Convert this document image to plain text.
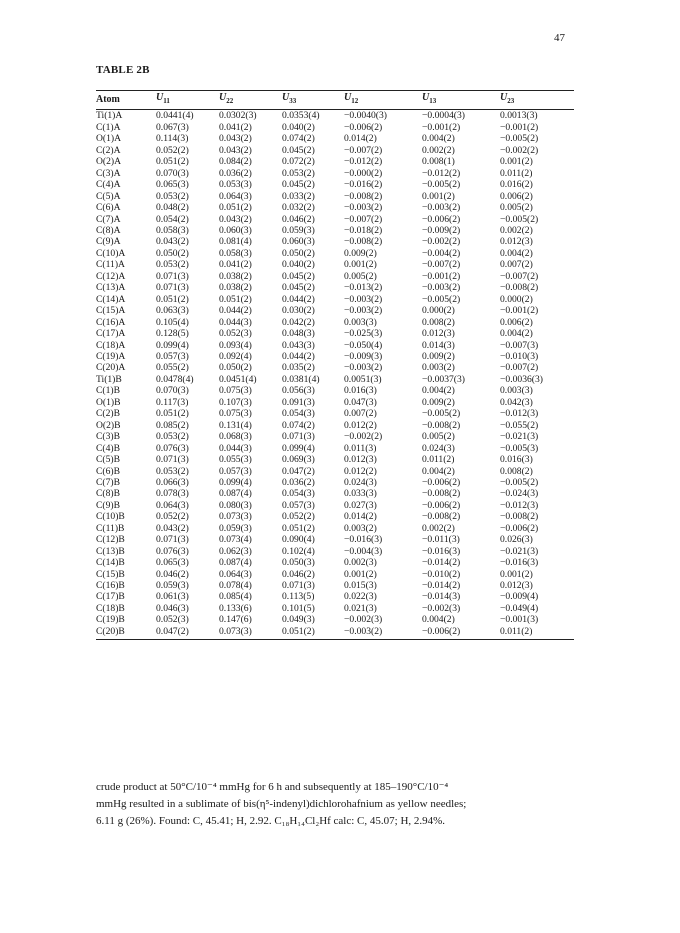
47
TABLE 2B
Atom	$U_{11}$	$U_{22}$	$U_{33}$	$U_{12}$	$U_{13}$	$U_{23}$
Ti(1)A	0.0441(4)	0.0302(3)	0.0353(4)	−0.0040(3)	−0.0004(3)	0.0013(3)
C(1)A	0.067(3)	0.041(2)	0.040(2)	−0.006(2)	−0.001(2)	−0.001(2)
O(1)A	0.114(3)	0.043(2)	0.074(2)	0.014(2)	0.004(2)	−0.005(2)
C(2)A	0.052(2)	0.043(2)	0.045(2)	−0.007(2)	0.002(2)	−0.002(2)
O(2)A	0.051(2)	0.084(2)	0.072(2)	−0.012(2)	0.008(1)	0.001(2)
C(3)A	0.070(3)	0.036(2)	0.053(2)	−0.000(2)	−0.012(2)	0.011(2)
C(4)A	0.065(3)	0.053(3)	0.045(2)	−0.016(2)	−0.005(2)	0.016(2)
C(5)A	0.053(2)	0.064(3)	0.033(2)	−0.008(2)	0.001(2)	0.006(2)
C(6)A	0.048(2)	0.051(2)	0.032(2)	−0.003(2)	−0.003(2)	0.005(2)
C(7)A	0.054(2)	0.043(2)	0.046(2)	−0.007(2)	−0.006(2)	−0.005(2)
C(8)A	0.058(3)	0.060(3)	0.059(3)	−0.018(2)	−0.009(2)	0.002(2)
C(9)A	0.043(2)	0.081(4)	0.060(3)	−0.008(2)	−0.002(2)	0.012(3)
C(10)A	0.050(2)	0.058(3)	0.050(2)	0.009(2)	−0.004(2)	0.004(2)
C(11)A	0.053(2)	0.041(2)	0.040(2)	0.001(2)	−0.007(2)	0.007(2)
C(12)A	0.071(3)	0.038(2)	0.045(2)	0.005(2)	−0.001(2)	−0.007(2)
C(13)A	0.071(3)	0.038(2)	0.045(2)	−0.013(2)	−0.003(2)	−0.008(2)
C(14)A	0.051(2)	0.051(2)	0.044(2)	−0.003(2)	−0.005(2)	0.000(2)
C(15)A	0.063(3)	0.044(2)	0.030(2)	−0.003(2)	0.000(2)	−0.001(2)
C(16)A	0.105(4)	0.044(3)	0.042(2)	0.003(3)	0.008(2)	0.006(2)
C(17)A	0.128(5)	0.052(3)	0.048(3)	−0.025(3)	0.012(3)	0.004(2)
C(18)A	0.099(4)	0.093(4)	0.043(3)	−0.050(4)	0.014(3)	−0.007(3)
C(19)A	0.057(3)	0.092(4)	0.044(2)	−0.009(3)	0.009(2)	−0.010(3)
C(20)A	0.055(2)	0.050(2)	0.035(2)	−0.003(2)	0.003(2)	−0.007(2)
Ti(1)B	0.0478(4)	0.0451(4)	0.0381(4)	0.0051(3)	−0.0037(3)	−0.0036(3)
C(1)B	0.070(3)	0.075(3)	0.056(3)	0.016(3)	0.004(2)	0.003(3)
O(1)B	0.117(3)	0.107(3)	0.091(3)	0.047(3)	0.009(2)	0.042(3)
C(2)B	0.051(2)	0.075(3)	0.054(3)	0.007(2)	−0.005(2)	−0.012(3)
O(2)B	0.085(2)	0.131(4)	0.074(2)	0.012(2)	−0.008(2)	−0.055(2)
C(3)B	0.053(2)	0.068(3)	0.071(3)	−0.002(2)	0.005(2)	−0.021(3)
C(4)B	0.076(3)	0.044(3)	0.099(4)	0.011(3)	0.024(3)	−0.005(3)
C(5)B	0.071(3)	0.055(3)	0.069(3)	0.012(3)	0.011(2)	0.016(3)
C(6)B	0.053(2)	0.057(3)	0.047(2)	0.012(2)	0.004(2)	0.008(2)
C(7)B	0.066(3)	0.099(4)	0.036(2)	0.024(3)	−0.006(2)	−0.005(2)
C(8)B	0.078(3)	0.087(4)	0.054(3)	0.033(3)	−0.008(2)	−0.024(3)
C(9)B	0.064(3)	0.080(3)	0.057(3)	0.027(3)	−0.006(2)	−0.012(3)
C(10)B	0.052(2)	0.073(3)	0.052(2)	0.014(2)	−0.008(2)	−0.008(2)
C(11)B	0.043(2)	0.059(3)	0.051(2)	0.003(2)	0.002(2)	−0.006(2)
C(12)B	0.071(3)	0.073(4)	0.090(4)	−0.016(3)	−0.011(3)	0.026(3)
C(13)B	0.076(3)	0.062(3)	0.102(4)	−0.004(3)	−0.016(3)	−0.021(3)
C(14)B	0.065(3)	0.087(4)	0.050(3)	0.002(3)	−0.014(2)	−0.016(3)
C(15)B	0.046(2)	0.064(3)	0.046(2)	0.001(2)	−0.010(2)	0.001(2)
C(16)B	0.059(3)	0.078(4)	0.071(3)	0.015(3)	−0.014(2)	0.012(3)
C(17)B	0.061(3)	0.085(4)	0.113(5)	0.022(3)	−0.014(3)	−0.009(4)
C(18)B	0.046(3)	0.133(6)	0.101(5)	0.021(3)	−0.002(3)	−0.049(4)
C(19)B	0.052(3)	0.147(6)	0.049(3)	−0.002(3)	0.004(2)	−0.001(3)
C(20)B	0.047(2)	0.073(3)	0.051(2)	−0.003(2)	−0.006(2)	0.011(2)
crude product at 50°C/10⁻⁴ mmHg for 6 h and subsequently at 185–190°C/10⁻⁴
mmHg resulted in a sublimate of bis(η⁵-indenyl)dichlorohafnium as yellow needles;
6.11 g (26%). Found: C, 45.41; H, 2.92. C₁₈H₁₄Cl₂Hf calc: C, 45.07; H, 2.94%.
